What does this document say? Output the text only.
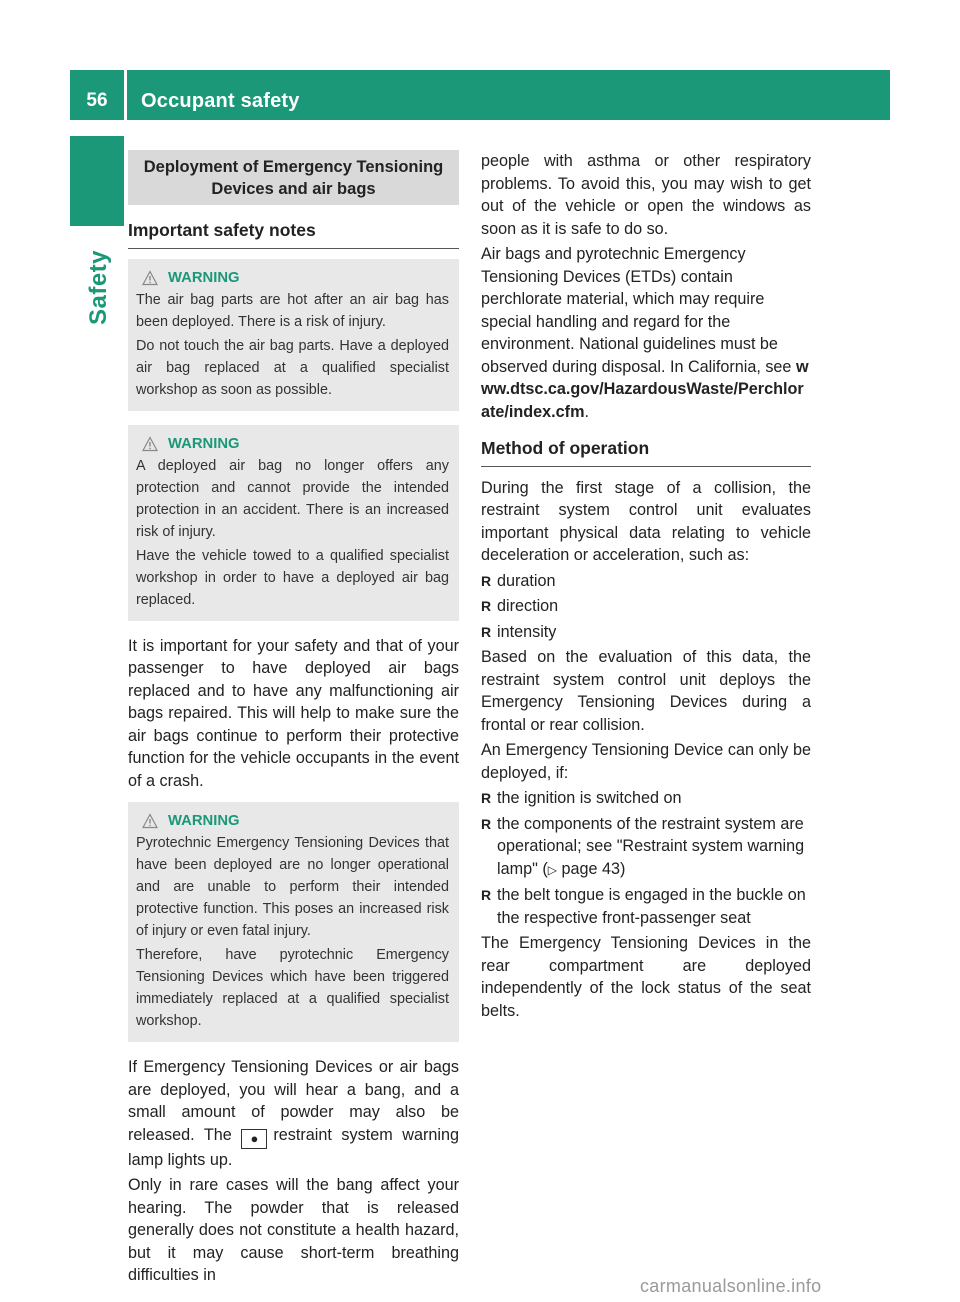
56	Occupant safety
Safety
Deployment of Emergency Tensioning
Devices and air bags
Important safety notes
WARNING

The air bag parts are hot after an air bag has been deployed. There is a risk of injury.

Do not touch the air bag parts. Have a deployed air bag replaced at a qualified specialist workshop as soon as possible.

WARNING

A deployed air bag no longer offers any protection and cannot provide the intended protection in an accident. There is an increased risk of injury.

Have the vehicle towed to a qualified specialist workshop in order to have a deployed air bag replaced.

It is important for your safety and that of your passenger to have deployed air bags replaced and to have any malfunctioning air bags repaired. This will help to make sure the air bags continue to perform their protective function for the vehicle occupants in the event of a crash.

WARNING

Pyrotechnic Emergency Tensioning Devices that have been deployed are no longer operational and are unable to perform their intended protective function. This poses an increased risk of injury or even fatal injury.

Therefore, have pyrotechnic Emergency Tensioning Devices which have been triggered immediately replaced at a qualified specialist workshop.

If Emergency Tensioning Devices or air bags are deployed, you will hear a bang, and a small amount of powder may also be released. The ● restraint system warning lamp lights up.

Only in rare cases will the bang affect your hearing. The powder that is released generally does not constitute a health hazard, but it may cause short-term breathing difficulties in

people with asthma or other respiratory problems. To avoid this, you may wish to get out of the vehicle or open the windows as soon as it is safe to do so.

Air bags and pyrotechnic Emergency Tensioning Devices (ETDs) contain perchlorate material, which may require special handling and regard for the environment. National guidelines must be observed during disposal. In California, see www.dtsc.ca.gov/HazardousWaste/Perchlorate/index.cfm.

Method of operation

During the first stage of a collision, the restraint system control unit evaluates important physical data relating to vehicle deceleration or acceleration, such as:

R duration
R direction
R intensity

Based on the evaluation of this data, the restraint system control unit deploys the Emergency Tensioning Devices during a frontal or rear collision.

An Emergency Tensioning Device can only be deployed, if:

R the ignition is switched on
R the components of the restraint system are operational; see "Restraint system warning lamp" (▷ page 43)
R the belt tongue is engaged in the buckle on the respective front-passenger seat

The Emergency Tensioning Devices in the rear compartment are deployed independently of the lock status of the seat belts.

carmanualsonline.info
